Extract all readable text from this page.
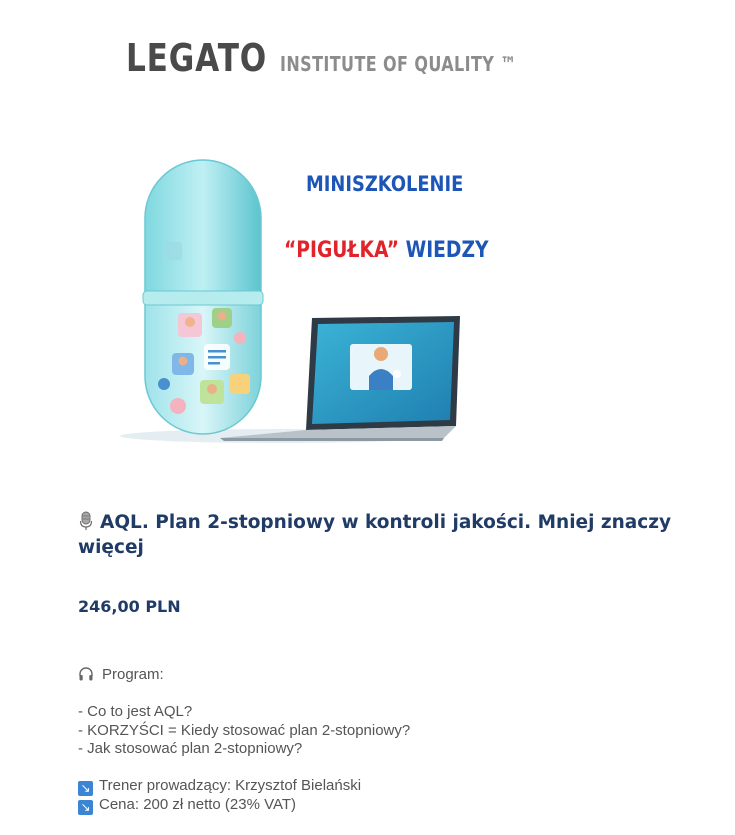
LEGATO INSTITUTE OF QUALITY ™
MINISZKOLENIE
“PIGUŁKA” WIEDZY
AQL. Plan 2-stopniowy w kontroli jakości. Mniej znaczy więcej
246,00 PLN
Program:
- Co to jest AQL?
- KORZYŚCI = Kiedy stosować plan 2-stopniowy?
- Jak stosować plan 2-stopniowy?
↘ Trener prowadzący: Krzysztof Bielański
↘ Cena: 200 zł netto (23% VAT)
